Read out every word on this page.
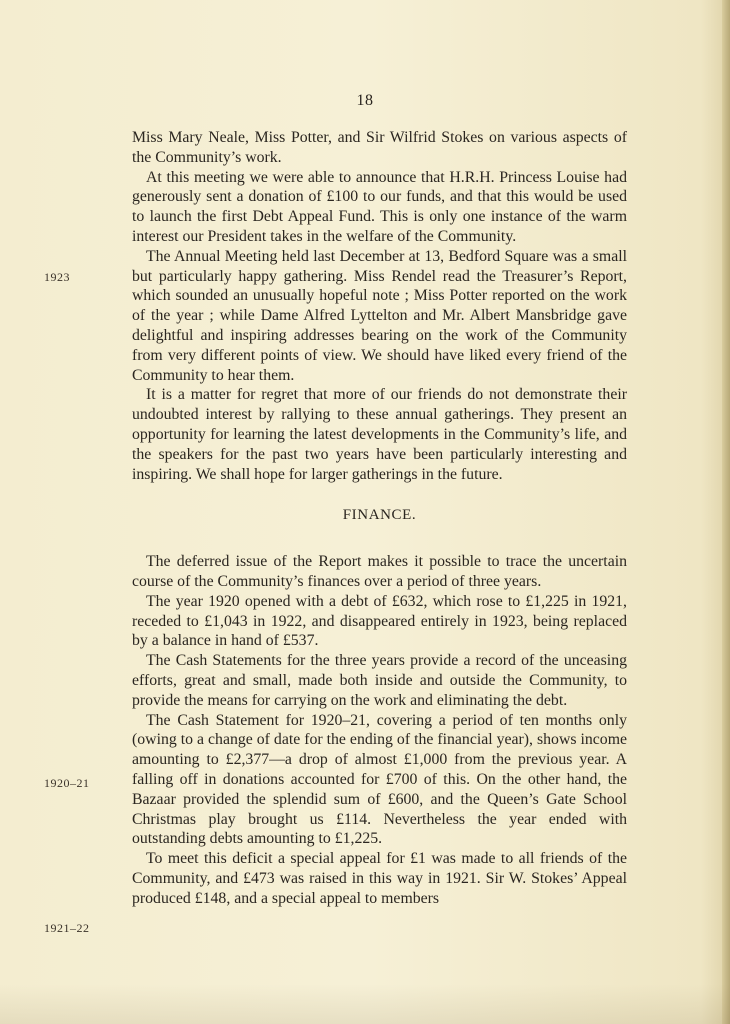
18
1923
1920–21
1921–22

Miss Mary Neale, Miss Potter, and Sir Wilfrid Stokes on various aspects of the Community’s work.

At this meeting we were able to announce that H.R.H. Princess Louise had generously sent a donation of £100 to our funds, and that this would be used to launch the first Debt Appeal Fund. This is only one instance of the warm interest our President takes in the welfare of the Community.

The Annual Meeting held last December at 13, Bedford Square was a small but particularly happy gathering. Miss Rendel read the Treasurer’s Report, which sounded an unusually hopeful note ; Miss Potter reported on the work of the year ; while Dame Alfred Lyttelton and Mr. Albert Mansbridge gave delightful and inspiring addresses bearing on the work of the Community from very different points of view. We should have liked every friend of the Community to hear them.

It is a matter for regret that more of our friends do not demonstrate their undoubted interest by rallying to these annual gatherings. They present an opportunity for learning the latest developments in the Community’s life, and the speakers for the past two years have been particularly interesting and inspiring. We shall hope for larger gatherings in the future.

FINANCE.

The deferred issue of the Report makes it possible to trace the uncertain course of the Community’s finances over a period of three years.

The year 1920 opened with a debt of £632, which rose to £1,225 in 1921, receded to £1,043 in 1922, and disappeared entirely in 1923, being replaced by a balance in hand of £537.

The Cash Statements for the three years provide a record of the unceasing efforts, great and small, made both inside and outside the Community, to provide the means for carrying on the work and eliminating the debt.

The Cash Statement for 1920–21, covering a period of ten months only (owing to a change of date for the ending of the financial year), shows income amounting to £2,377—a drop of almost £1,000 from the previous year. A falling off in donations accounted for £700 of this. On the other hand, the Bazaar provided the splendid sum of £600, and the Queen’s Gate School Christmas play brought us £114. Nevertheless the year ended with outstanding debts amounting to £1,225.

To meet this deficit a special appeal for £1 was made to all friends of the Community, and £473 was raised in this way in 1921. Sir W. Stokes’ Appeal produced £148, and a special appeal to members
